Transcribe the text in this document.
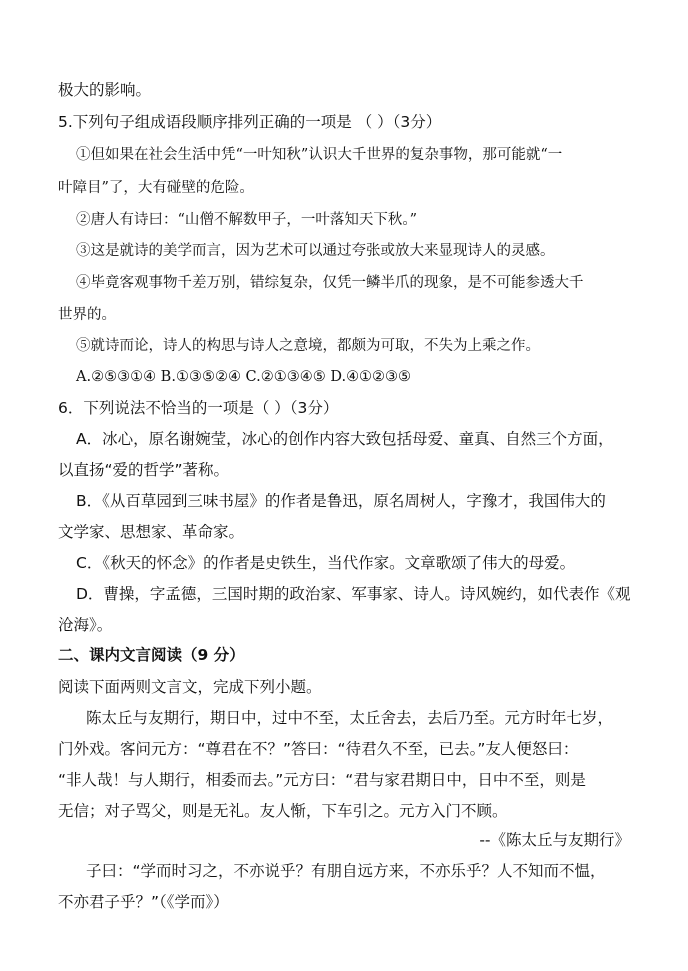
极大的影响。
5.下列句子组成语段顺序排列正确的一项是 （ ）（3分）
①但如果在社会生活中凭“一叶知秋”认识大千世界的复杂事物，那可能就“一
叶障目”了，大有碰壁的危险。
②唐人有诗曰：“山僧不解数甲子，一叶落知天下秋。”
③这是就诗的美学而言，因为艺术可以通过夸张或放大来显现诗人的灵感。
④毕竟客观事物千差万别，错综复杂，仅凭一鳞半爪的现象，是不可能参透大千
世界的。
⑤就诗而论，诗人的构思与诗人之意境，都颇为可取，不失为上乘之作。
A.②⑤③①④ B.①③⑤②④ C.②①③④⑤ D.④①②③⑤
6．下列说法不恰当的一项是（ ）（3分）
A．冰心，原名谢婉莹，冰心的创作内容大致包括母爱、童真、自然三个方面，
以直扬“爱的哲学”著称。
B．《从百草园到三味书屋》的作者是鲁迅，原名周树人，字豫才，我国伟大的
文学家、思想家、革命家。
C．《秋天的怀念》的作者是史铁生，当代作家。文章歌颂了伟大的母爱。
D．曹操，字孟德，三国时期的政治家、军事家、诗人。诗风婉约，如代表作《观
沧海》。
二、课内文言阅读（9 分）
阅读下面两则文言文，完成下列小题。
陈太丘与友期行，期日中，过中不至，太丘舍去，去后乃至。元方时年七岁，
门外戏。客问元方：“尊君在不？”答曰：“待君久不至，已去。”友人便怒曰：
“非人哉！与人期行，相委而去。”元方曰：“君与家君期日中，日中不至，则是
无信；对子骂父，则是无礼。友人惭，下车引之。元方入门不顾。
--《陈太丘与友期行》
子曰：“学而时习之，不亦说乎？有朋自远方来，不亦乐乎？人不知而不愠，
不亦君子乎？”（《学而》）
